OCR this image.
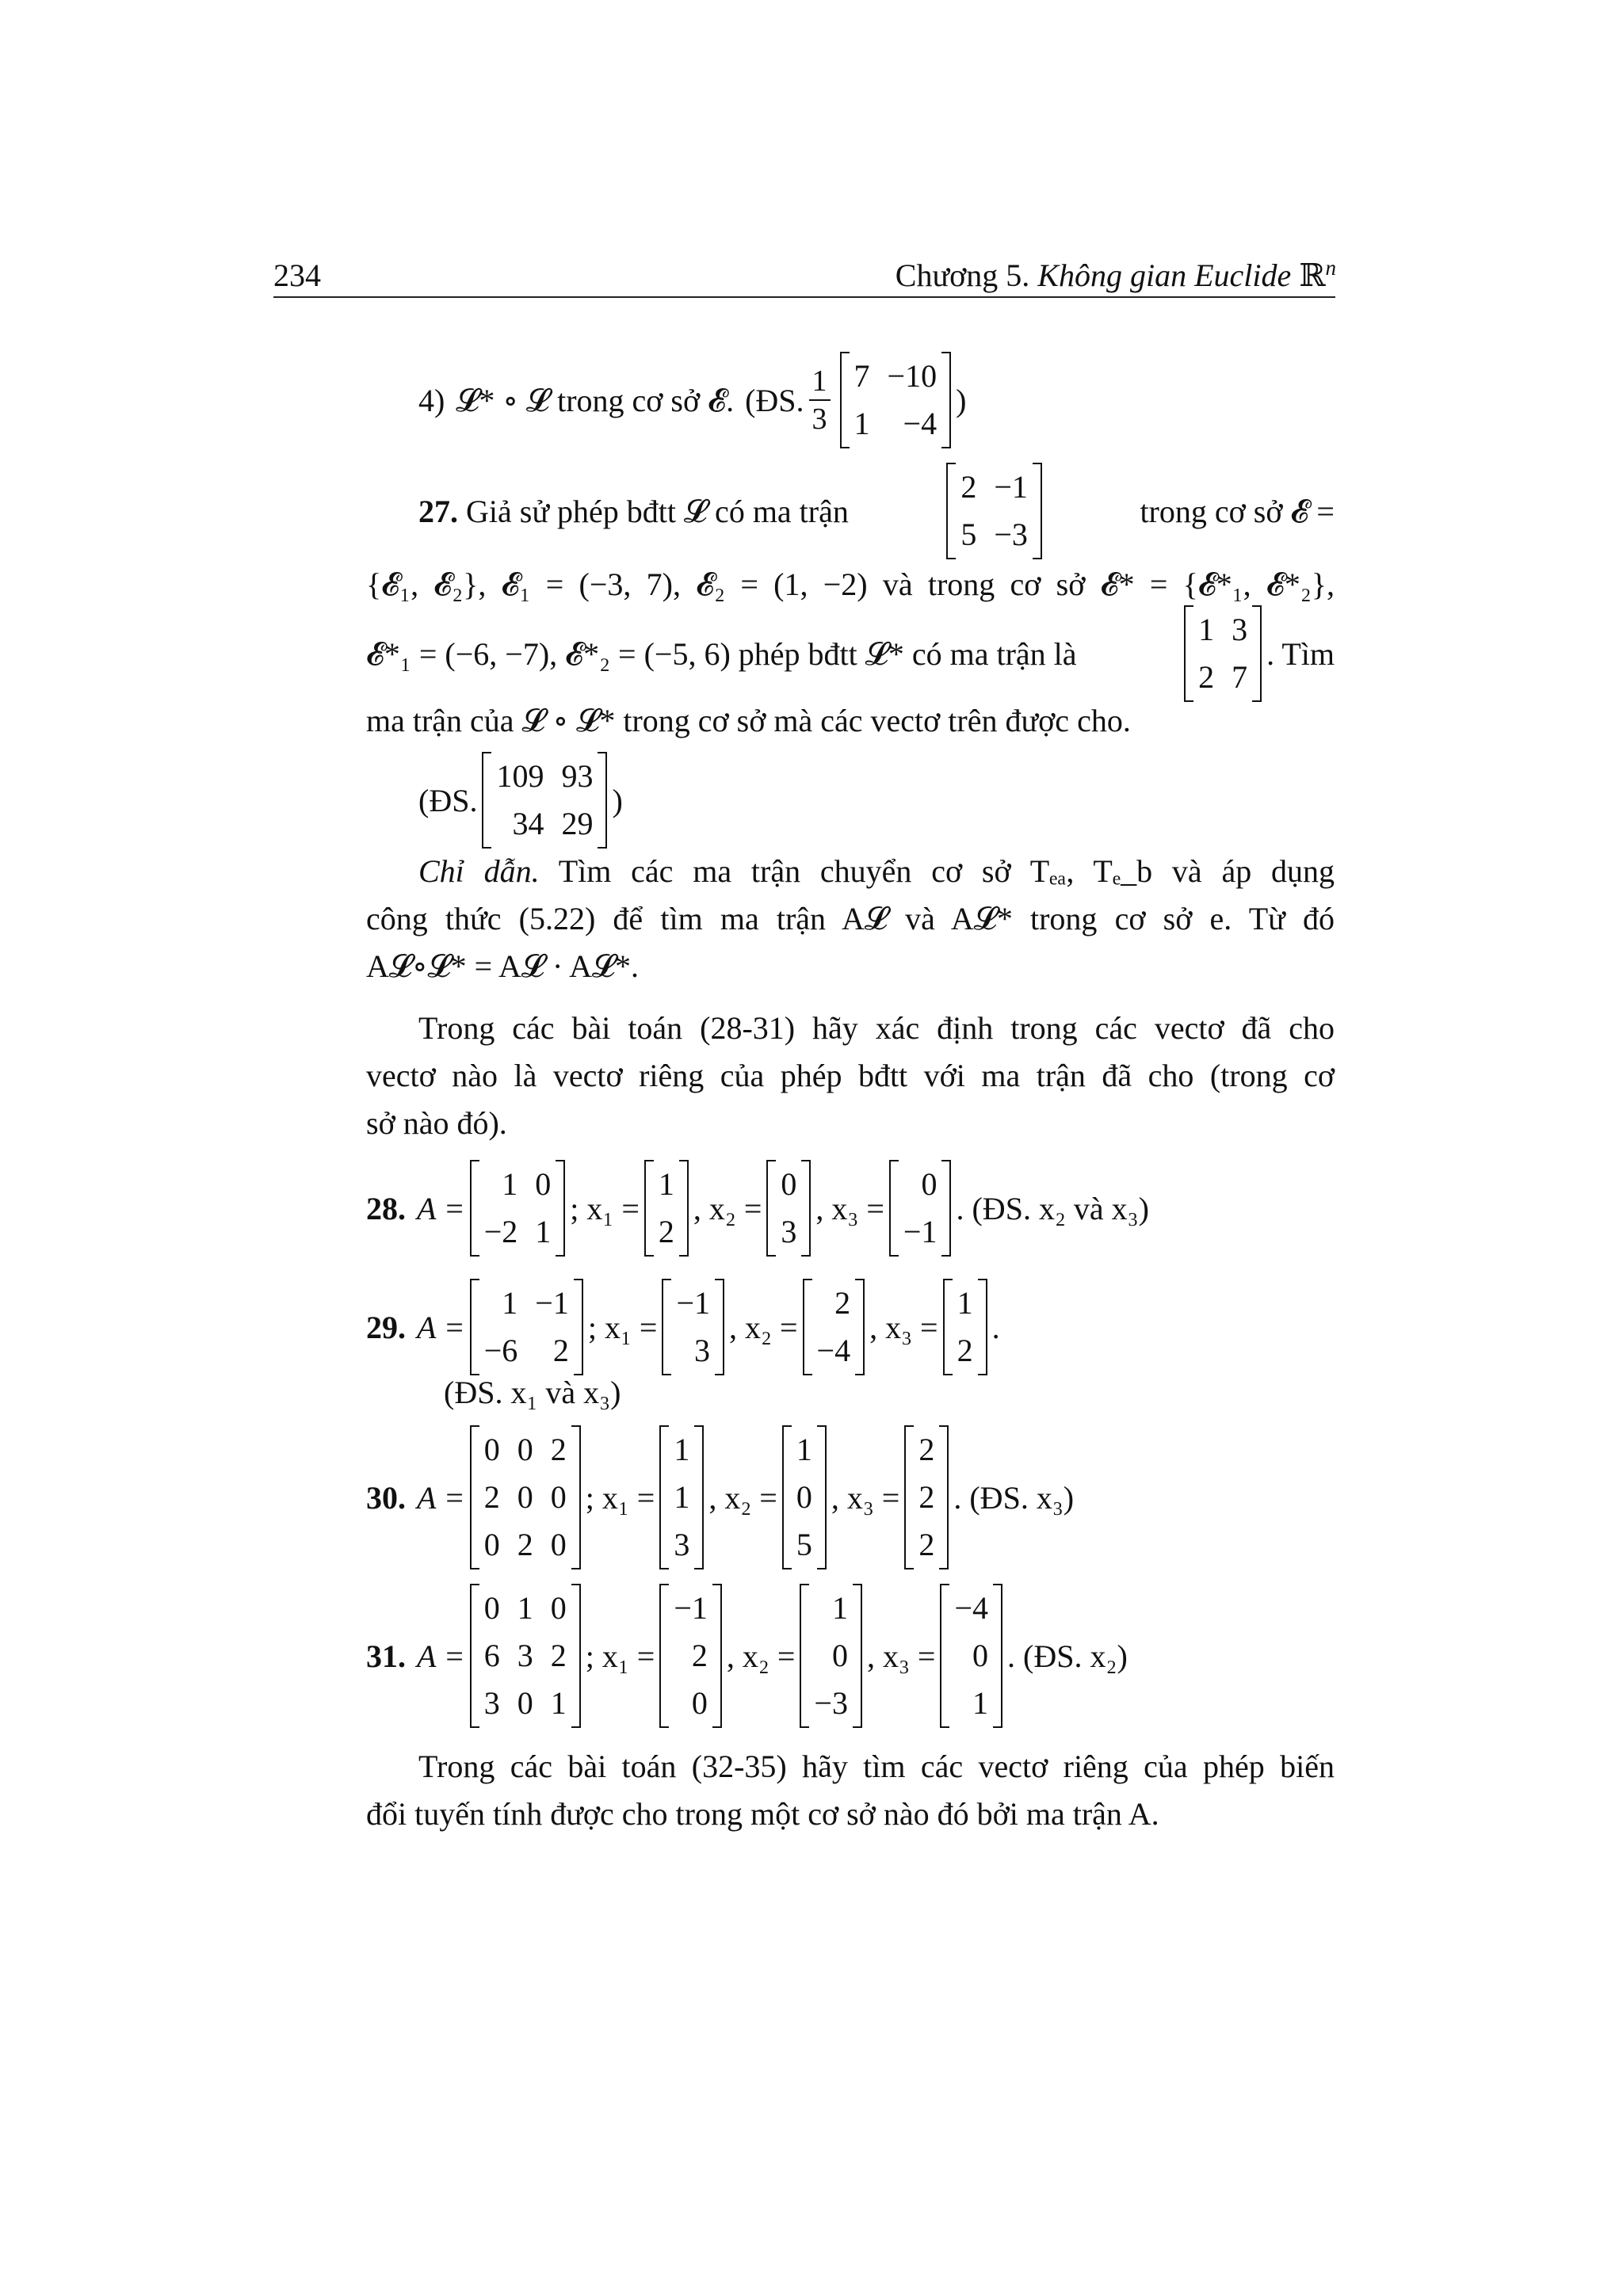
234	Chương 5. Không gian Euclide ℝ$^n$
4) 𝓛* ∘ 𝓛 trong cơ sở 𝓔. (ĐS. $\frac{1}{3} 7 -10$
1	−4
)
27. Giả sử phép bđtt 𝓛 có ma trận
2 −1
5 −3
trong cơ sở 𝓔 =
{𝓔₁, 𝓔₂}, 𝓔₁ = (−3, 7), 𝓔₂ = (1, −2) và trong cơ sở 𝓔* = {𝓔*₁, 𝓔*₂},
𝓔*₁ = (−6, −7), 𝓔*₂ = (−5, 6) phép bđtt 𝓛* có ma trận là
1 3
2 7
. Tìm
ma trận của 𝓛 ∘ 𝓛* trong cơ sở mà các vectơ trên được cho.
(ĐS.
109 93
34 29
)
Chỉ dẫn. Tìm các ma trận chuyển cơ sở Tₑₐ, Tₑ_b và áp dụng
công thức (5.22) để tìm ma trận A𝓛 và A𝓛* trong cơ sở e. Từ đó
A𝓛∘𝓛* = A𝓛 · A𝓛*.
Trong các bài toán (28-31) hãy xác định trong các vectơ đã cho
vectơ nào là vectơ riêng của phép bđtt với ma trận đã cho (trong cơ
sở nào đó).
28. A =
1 0
−2 1
; x₁ =
1
2
, x₂ =
0
3
, x₃ =
0
−1
. (ĐS. x₂ và x₃)
29. A =
1 −1
−6	2
; x₁ =
−1
3
, x₂ =
2
−4
, x₃ =
1
2
.
(ĐS. x₁ và x₃)
30. A =
0 0 2
2 0 0
0 2 0
; x₁ =
1
1
3
, x₂ =
1
0
5
, x₃ =
2
2
2
. (ĐS. x₃)
31. A =
0 1 0
6 3 2
3 0 1
; x₁ =
−1
2
0
, x₂ =
1
0
−3
, x₃ =
−4
0
1
. (ĐS. x₂)
Trong các bài toán (32-35) hãy tìm các vectơ riêng của phép biến
đổi tuyến tính được cho trong một cơ sở nào đó bởi ma trận A.
